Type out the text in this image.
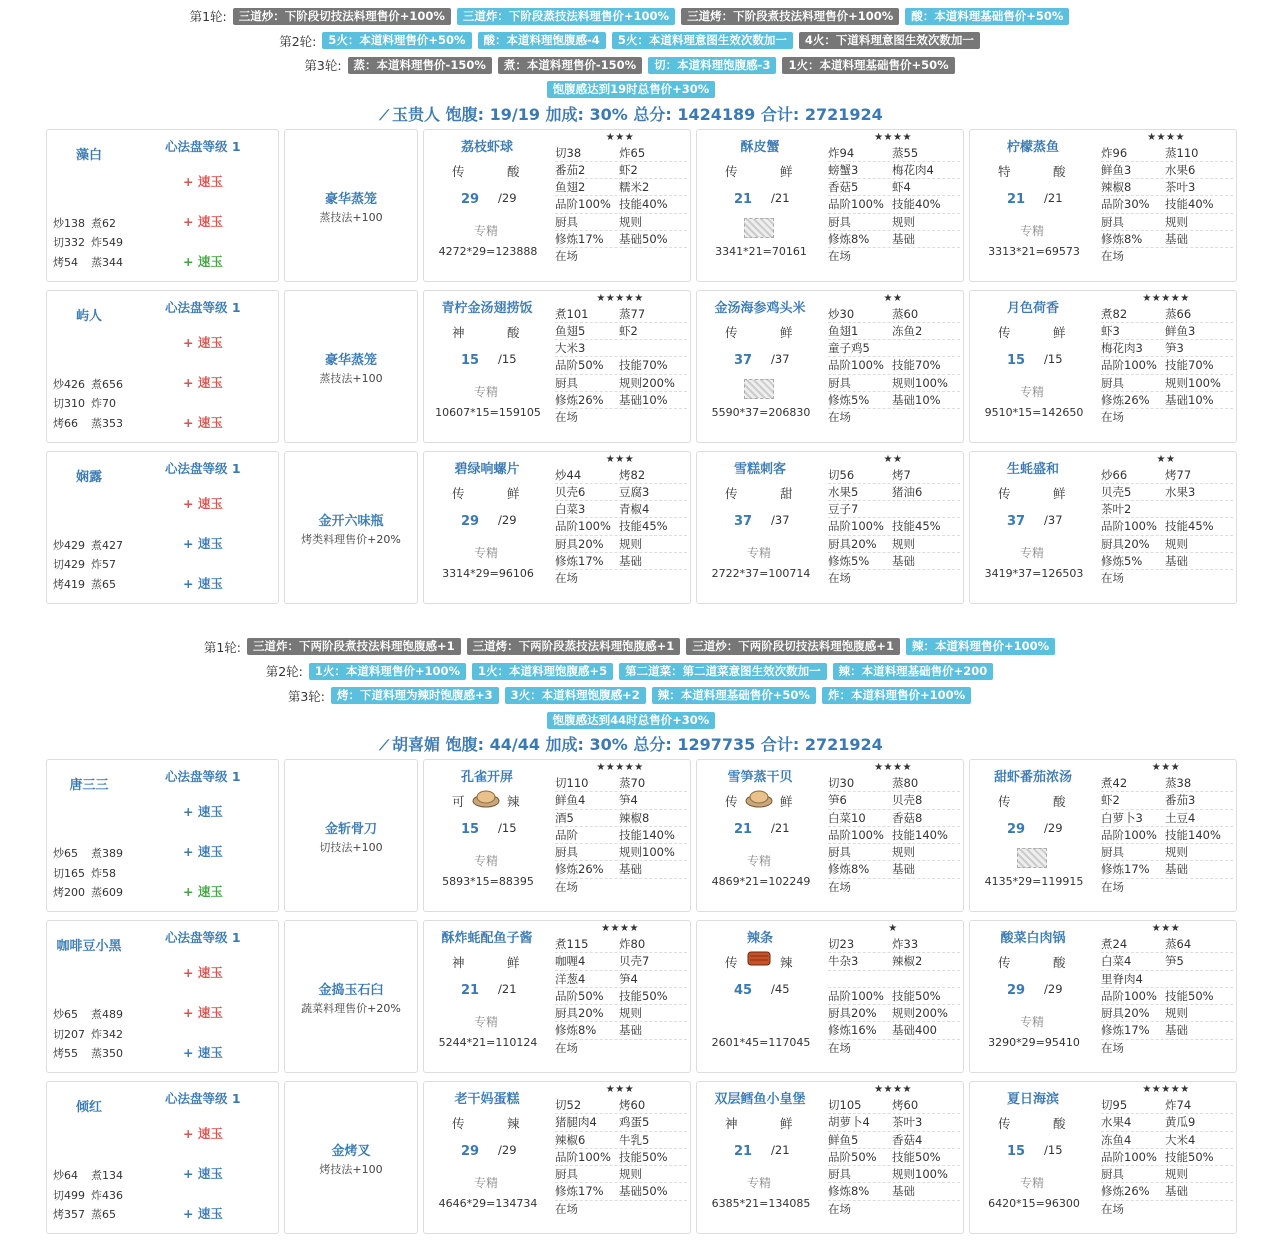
第1轮:	三道炒：下阶段切技法料理售价+100%	三道炸：下阶段蒸技法料理售价+100%	三道烤：下阶段煮技法料理售价+100%	酸：本道料理基础售价+50%
第2轮:	5火：本道料理售价+50%	酸：本道料理饱腹感-4	5火：本道料理意图生效次数加一	4火：下道料理意图生效次数加一
第3轮:	蒸：本道料理售价-150%	煮：本道料理售价-150%	切：本道料理饱腹感-3	1火：本道料理基础售价+50%
饱腹感达到19时总售价+30%
⟋ 玉贵人 饱腹: 19/19 加成: 30% 总分: 1424189 合计: 2721924
藻白
心法盘等级 1
+ 速玉
+ 速玉
+ 速玉
炒138 煮62
切332 炸549
烤54 蒸344
豪华蒸笼
蒸技法+100
荔枝虾球
★★★
传	酸
29 /29
专精
4272*29=123888
切38	炸65
番茄2	虾2
鱼翅2	糯米2
品阶100% 技能40%
厨具	规则
修炼17%	基础50%
在场
酥皮蟹
★★★★
传	鲜
21 /21
3341*21=70161
炸94	蒸55
螃蟹3	梅花肉4
香菇5	虾4
品阶100% 技能40%
厨具	规则
修炼8%	基础
在场
柠檬蒸鱼
★★★★
特	酸
21 /21
专精
3313*21=69573
炸96	蒸110
鲜鱼3	水果6
辣椒8	茶叶3
品阶30%	技能40%
厨具	规则
修炼8%	基础
在场
屿人
心法盘等级 1
+ 速玉
+ 速玉
+ 速玉
炒426 煮656
切310 炸70
烤66 蒸353
豪华蒸笼
蒸技法+100
青柠金汤翅捞饭
★★★★★
神	酸
15 /15
专精
10607*15=159105
煮101	蒸77
鱼翅5	虾2
大米3
品阶50%	技能70%
厨具	规则200%
修炼26%	基础10%
在场
金汤海参鸡头米
★★
传	鲜
37 /37
5590*37=206830
炒30	蒸60
鱼翅1	冻鱼2
童子鸡5
品阶100% 技能70%
厨具	规则100%
修炼5%	基础10%
在场
月色荷香
★★★★★
传	鲜
15 /15
专精
9510*15=142650
煮82	蒸66
虾3	鲜鱼3
梅花肉3	笋3
品阶100% 技能70%
厨具	规则100%
修炼26%	基础10%
在场
娴露
心法盘等级 1
+ 速玉
+ 速玉
+ 速玉
炒429 煮427
切429 炸57
烤419 蒸65
金开六味瓶
烤类料理售价+20%
碧绿响螺片
★★★
传	鲜
29 /29
专精
3314*29=96106
炒44	烤82
贝壳6	豆腐3
白菜3	青椒4
品阶100% 技能45%
厨具20%	规则
修炼17%	基础
在场
雪糕刺客
★★
传	甜
37 /37
专精
2722*37=100714
切56	烤7
水果5	猪油6
豆子7
品阶100% 技能45%
厨具20%	规则
修炼5%	基础
在场
生蚝盛和
★★
传	鲜
37 /37
专精
3419*37=126503
炒66	烤77
贝壳5	水果3
茶叶2
品阶100% 技能45%
厨具20%	规则
修炼5%	基础
在场
第1轮:	三道炸：下两阶段煮技法料理饱腹感+1	三道烤：下两阶段蒸技法料理饱腹感+1	三道炒：下两阶段切技法料理饱腹感+1	辣：本道料理售价+100%
第2轮:	1火：本道料理售价+100%	1火：本道料理饱腹感+5	第二道菜：第二道菜意图生效次数加一	辣：本道料理基础售价+200
第3轮:	烤：下道料理为辣时饱腹感+3	3火：本道料理饱腹感+2	辣：本道料理基础售价+50%	炸：本道料理售价+100%
饱腹感达到44时总售价+30%
⟋ 胡喜媚 饱腹: 44/44 加成: 30% 总分: 1297735 合计: 2721924
唐三三
心法盘等级 1
+ 速玉
+ 速玉
+ 速玉
炒65 煮389
切165 炸58
烤200 蒸609
金斩骨刀
切技法+100
孔雀开屏
★★★★★
可	辣
15 /15
专精
5893*15=88395
切110	蒸70
鲜鱼4	笋4
酒5	辣椒8
品阶	技能140%
厨具	规则100%
修炼26%	基础
在场
雪笋蒸干贝
★★★★
传	鲜
21 /21
专精
4869*21=102249
切30	蒸80
笋6	贝壳8
白菜10	香菇8
品阶100% 技能140%
厨具	规则
修炼8%	基础
在场
甜虾番茄浓汤
★★★
传	酸
29 /29
4135*29=119915
煮42	蒸38
虾2	番茄3
白萝卜3	土豆4
品阶100% 技能140%
厨具	规则
修炼17%	基础
在场
咖啡豆小黑
心法盘等级 1
+ 速玉
+ 速玉
+ 速玉
炒65 煮489
切207 炸342
烤55 蒸350
金捣玉石臼
蔬菜料理售价+20%
酥炸蚝配鱼子酱
★★★★
神	鲜
21 /21
专精
5244*21=110124
煮115	炸80
咖喱4	贝壳7
洋葱4	笋4
品阶50%	技能50%
厨具20%	规则
修炼8%	基础
在场
辣条
★
传	辣
45 /45
2601*45=117045
切23	炸33
牛杂3	辣椒2
品阶100% 技能50%
厨具20%	规则200%
修炼16%	基础400
在场
酸菜白肉锅
★★★
传	酸
29 /29
专精
3290*29=95410
煮24	蒸64
白菜4	笋5
里脊肉4
品阶100% 技能50%
厨具20%	规则
修炼17%	基础
在场
倾红
心法盘等级 1
+ 速玉
+ 速玉
+ 速玉
炒64 煮134
切499 炸436
烤357 蒸65
金烤叉
烤技法+100
老干妈蛋糕
★★★
传	辣
29 /29
专精
4646*29=134734
切52	烤60
猪腿肉4	鸡蛋5
辣椒6	牛乳5
品阶100% 技能50%
厨具	规则
修炼17%	基础50%
在场
双层鳕鱼小皇堡
★★★★
神	鲜
21 /21
专精
6385*21=134085
切105	烤60
胡萝卜4	茶叶3
鲜鱼5	香菇4
品阶50%	技能50%
厨具	规则100%
修炼8%	基础
在场
夏日海滨
★★★★★
传	酸
15 /15
专精
6420*15=96300
切95	炸74
水果4	黄瓜9
冻鱼4	大米4
品阶100% 技能50%
厨具	规则
修炼26%	基础
在场
